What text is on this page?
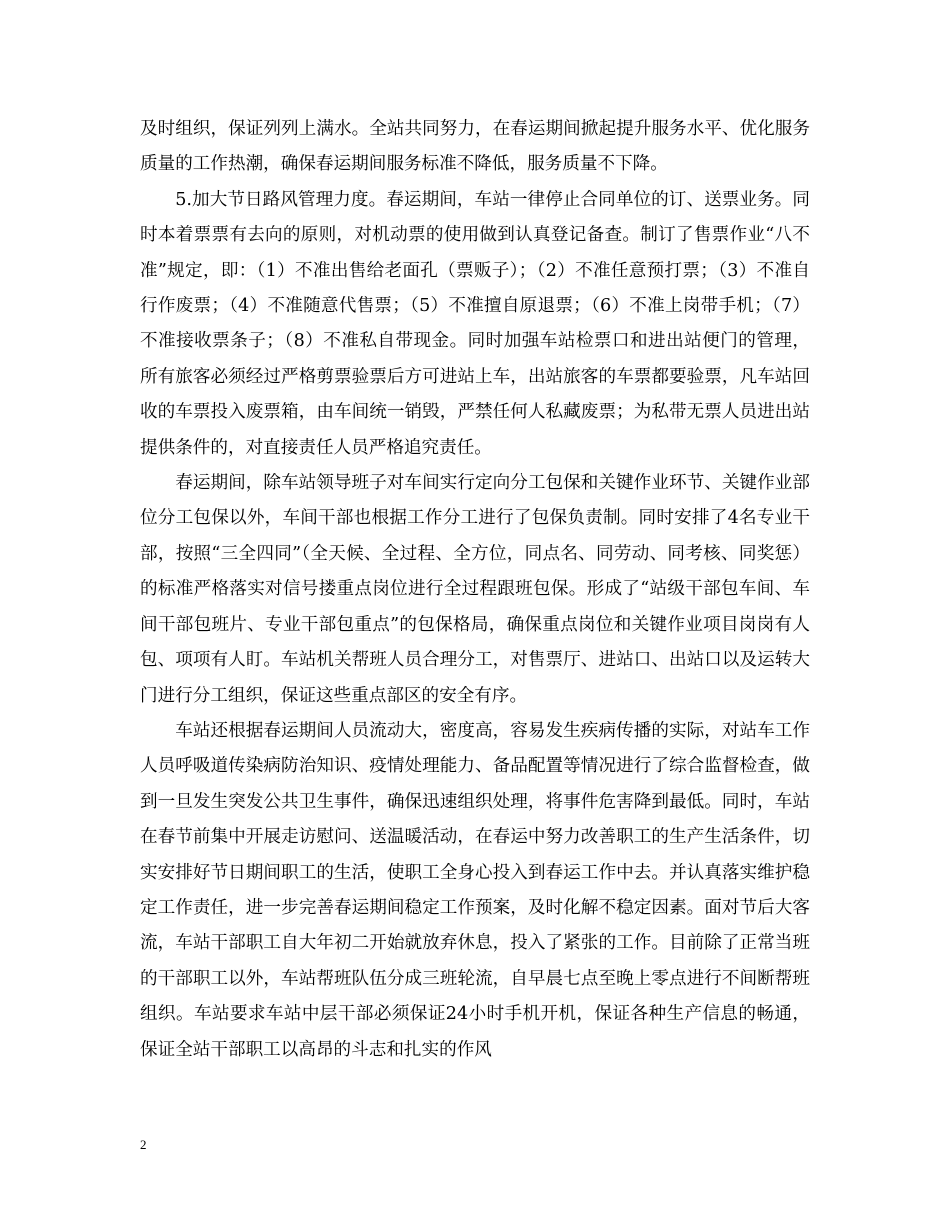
及时组织，保证列列上满水。全站共同努力，在春运期间掀起提升服务水平、优化服务质量的工作热潮，确保春运期间服务标准不降低，服务质量不下降。

5.加大节日路风管理力度。春运期间，车站一律停止合同单位的订、送票业务。同时本着票票有去向的原则，对机动票的使用做到认真登记备查。制订了售票作业“八不准”规定，即：（1）不准出售给老面孔（票贩子）；（2）不准任意预打票；（3）不准自行作废票；（4）不准随意代售票；（5）不准擅自原退票；（6）不准上岗带手机；（7）不准接收票条子；（8）不准私自带现金。同时加强车站检票口和进出站便门的管理，所有旅客必须经过严格剪票验票后方可进站上车，出站旅客的车票都要验票，凡车站回收的车票投入废票箱，由车间统一销毁，严禁任何人私藏废票；为私带无票人员进出站提供条件的，对直接责任人员严格追究责任。

春运期间，除车站领导班子对车间实行定向分工包保和关键作业环节、关键作业部位分工包保以外，车间干部也根据工作分工进行了包保负责制。同时安排了4名专业干部，按照“三全四同”（全天候、全过程、全方位，同点名、同劳动、同考核、同奖惩）的标准严格落实对信号搂重点岗位进行全过程跟班包保。形成了“站级干部包车间、车间干部包班片、专业干部包重点”的包保格局，确保重点岗位和关键作业项目岗岗有人包、项项有人盯。车站机关帮班人员合理分工，对售票厅、进站口、出站口以及运转大门进行分工组织，保证这些重点部区的安全有序。

车站还根据春运期间人员流动大，密度高，容易发生疾病传播的实际，对站车工作人员呼吸道传染病防治知识、疫情处理能力、备品配置等情况进行了综合监督检查，做到一旦发生突发公共卫生事件，确保迅速组织处理，将事件危害降到最低。同时，车站在春节前集中开展走访慰问、送温暖活动，在春运中努力改善职工的生产生活条件，切实安排好节日期间职工的生活，使职工全身心投入到春运工作中去。并认真落实维护稳定工作责任，进一步完善春运期间稳定工作预案，及时化解不稳定因素。面对节后大客流，车站干部职工自大年初二开始就放弃休息，投入了紧张的工作。目前除了正常当班的干部职工以外，车站帮班队伍分成三班轮流，自早晨七点至晚上零点进行不间断帮班组织。车站要求车站中层干部必须保证24小时手机开机，保证各种生产信息的畅通，保证全站干部职工以高昂的斗志和扎实的作风

2
